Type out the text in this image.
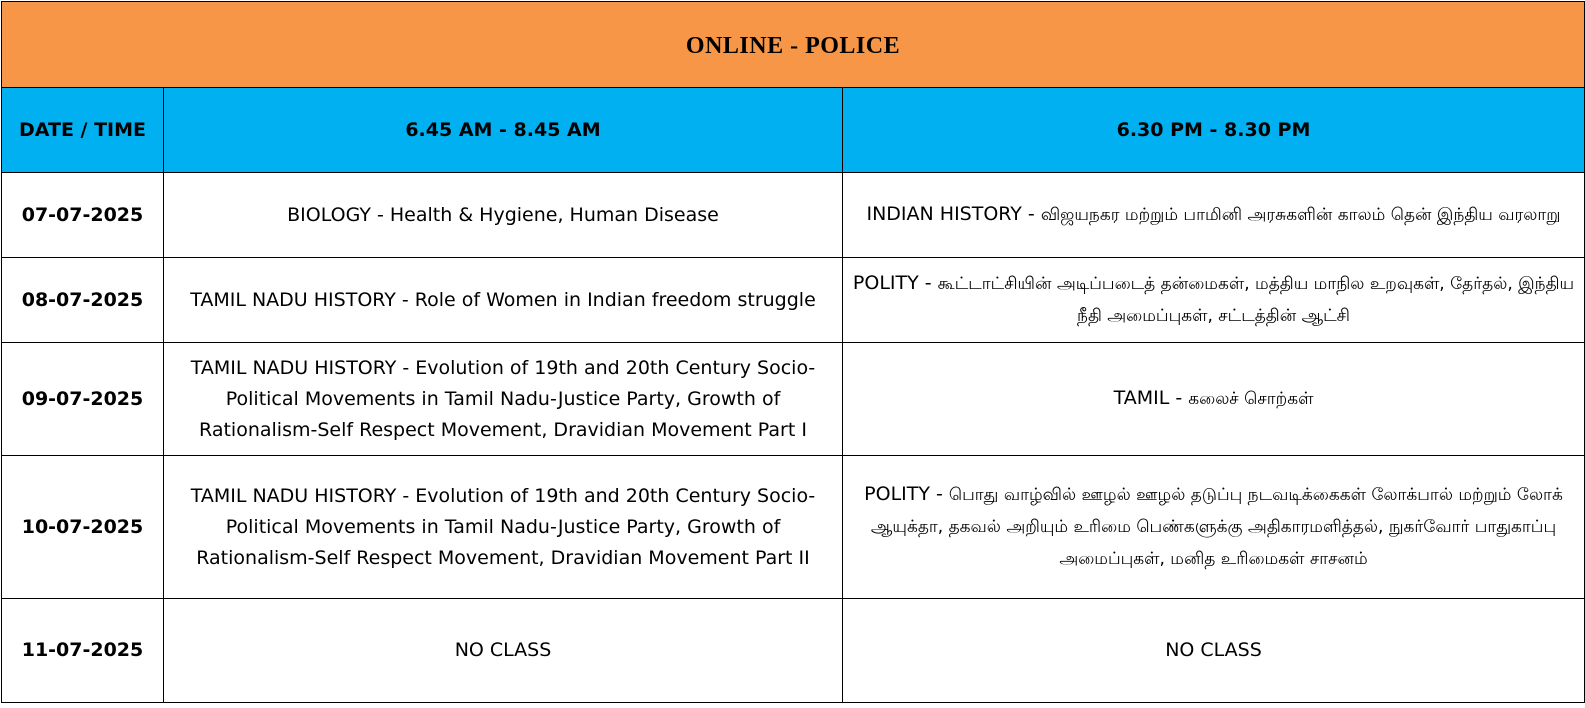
ONLINE - POLICE		
DATE / TIME	6.45 AM - 8.45 AM	6.30 PM - 8.30 PM
07-07-2025	BIOLOGY - Health & Hygiene, Human Disease	INDIAN HISTORY - விஜயநகர மற்றும் பாமினி அரசுகளின் காலம் தென் இந்திய வரலாறு
08-07-2025	TAMIL NADU HISTORY - Role of Women in Indian freedom struggle	POLITY - கூட்டாட்சியின் அடிப்படைத் தன்மைகள், மத்திய மாநில உறவுகள், தேர்தல், இந்திய நீதி அமைப்புகள், சட்டத்தின் ஆட்சி
09-07-2025	TAMIL NADU HISTORY - Evolution of 19th and 20th Century Socio-Political Movements in Tamil Nadu-Justice Party, Growth of Rationalism-Self Respect Movement, Dravidian Movement Part I	TAMIL - கலைச் சொற்கள்
10-07-2025	TAMIL NADU HISTORY - Evolution of 19th and 20th Century Socio-Political Movements in Tamil Nadu-Justice Party, Growth of Rationalism-Self Respect Movement, Dravidian Movement Part II	POLITY - பொது வாழ்வில் ஊழல் ஊழல் தடுப்பு நடவடிக்கைகள் லோக்பால் மற்றும் லோக் ஆயுக்தா, தகவல் அறியும் உரிமை பெண்களுக்கு அதிகாரமளித்தல், நுகர்வோர் பாதுகாப்பு அமைப்புகள், மனித உரிமைகள் சாசனம்
11-07-2025	NO CLASS	NO CLASS
